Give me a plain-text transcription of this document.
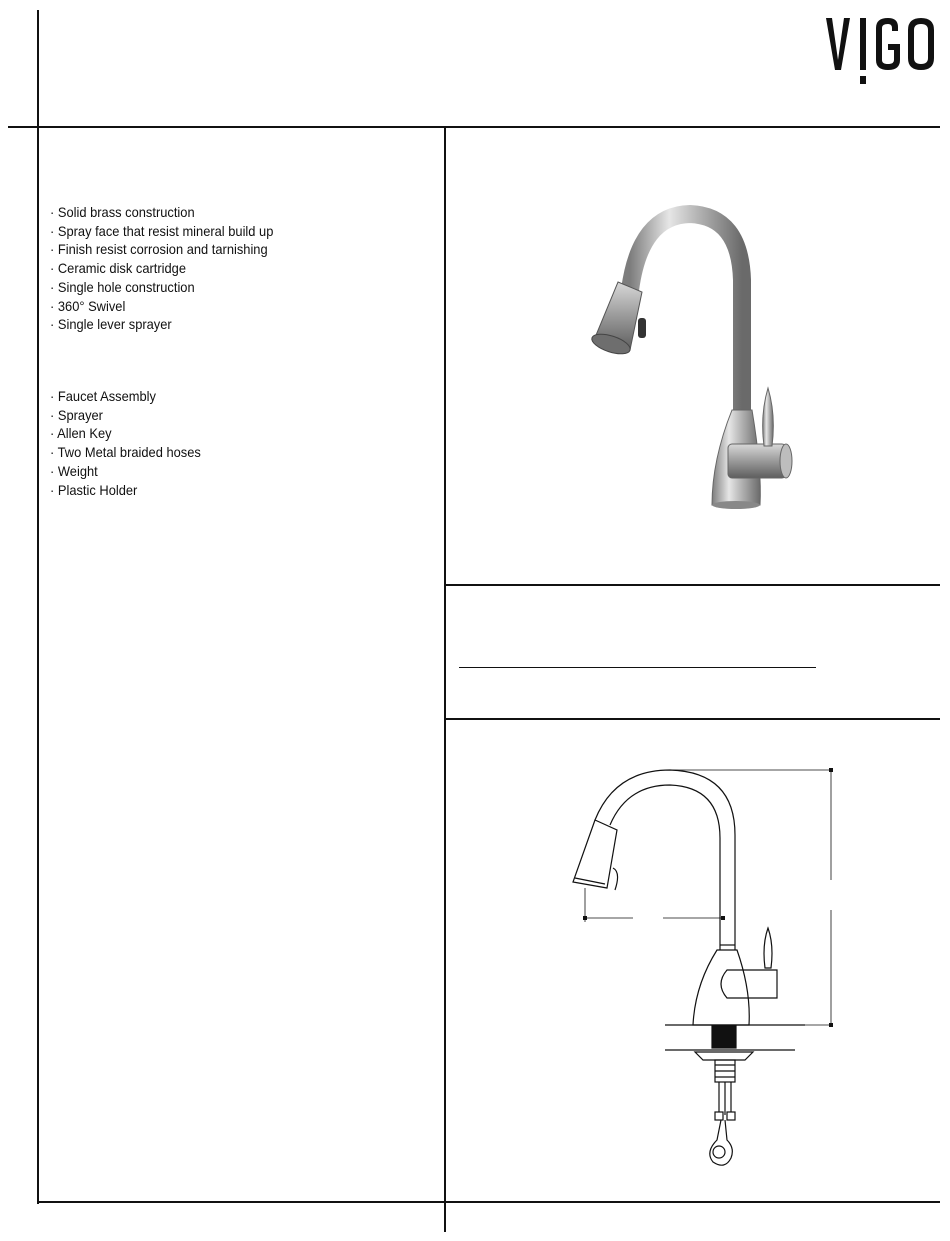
· Solid brass construction
· Spray face that resist mineral build up
· Finish resist corrosion and tarnishing
· Ceramic disk cartridge
· Single hole construction
· 360° Swivel
· Single lever sprayer
· Faucet Assembly
· Sprayer
· Allen Key
· Two Metal braided hoses
· Weight
· Plastic Holder
